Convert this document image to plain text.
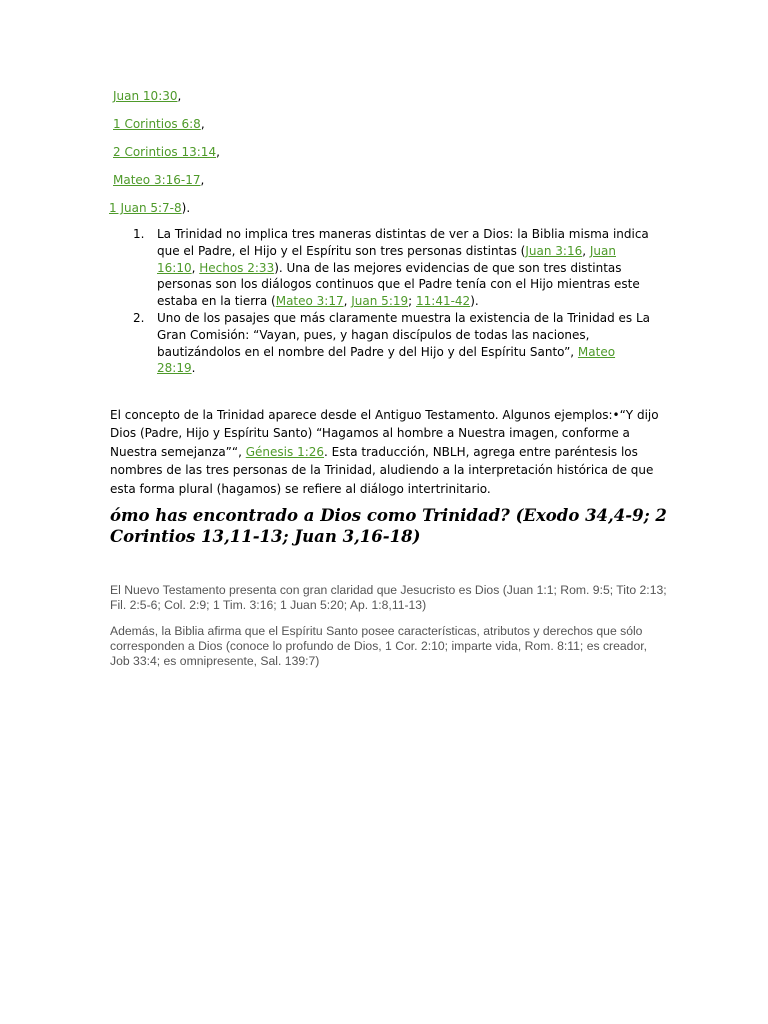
Juan 10:30,
1 Corintios 6:8,
2 Corintios 13:14,
Mateo 3:16-17,
1 Juan 5:7-8).
1. La Trinidad no implica tres maneras distintas de ver a Dios: la Biblia misma indica que el Padre, el Hijo y el Espíritu son tres personas distintas (Juan 3:16, Juan 16:10, Hechos 2:33). Una de las mejores evidencias de que son tres distintas personas son los diálogos continuos que el Padre tenía con el Hijo mientras este estaba en la tierra (Mateo 3:17, Juan 5:19; 11:41-42).
2. Uno de los pasajes que más claramente muestra la existencia de la Trinidad es La Gran Comisión: “Vayan, pues, y hagan discípulos de todas las naciones, bautizándolos en el nombre del Padre y del Hijo y del Espíritu Santo”, Mateo 28:19.
El concepto de la Trinidad aparece desde el Antiguo Testamento. Algunos ejemplos:•“Y dijo Dios (Padre, Hijo y Espíritu Santo) “Hagamos al hombre a Nuestra imagen, conforme a Nuestra semejanza”“, Génesis 1:26. Esta traducción, NBLH, agrega entre paréntesis los nombres de las tres personas de la Trinidad, aludiendo a la interpretación histórica de que esta forma plural (hagamos) se refiere al diálogo intertrinitario.
ómo has encontrado a Dios como Trinidad? (Exodo 34,4-9; 2 Corintios 13,11-13; Juan 3,16-18)
El Nuevo Testamento presenta con gran claridad que Jesucristo es Dios (Juan 1:1; Rom. 9:5; Tito 2:13; Fil. 2:5-6; Col. 2:9; 1 Tim. 3:16; 1 Juan 5:20; Ap. 1:8,11-13)
Además, la Biblia afirma que el Espíritu Santo posee características, atributos y derechos que sólo corresponden a Dios (conoce lo profundo de Dios, 1 Cor. 2:10; imparte vida, Rom. 8:11; es creador, Job 33:4; es omnipresente, Sal. 139:7)
